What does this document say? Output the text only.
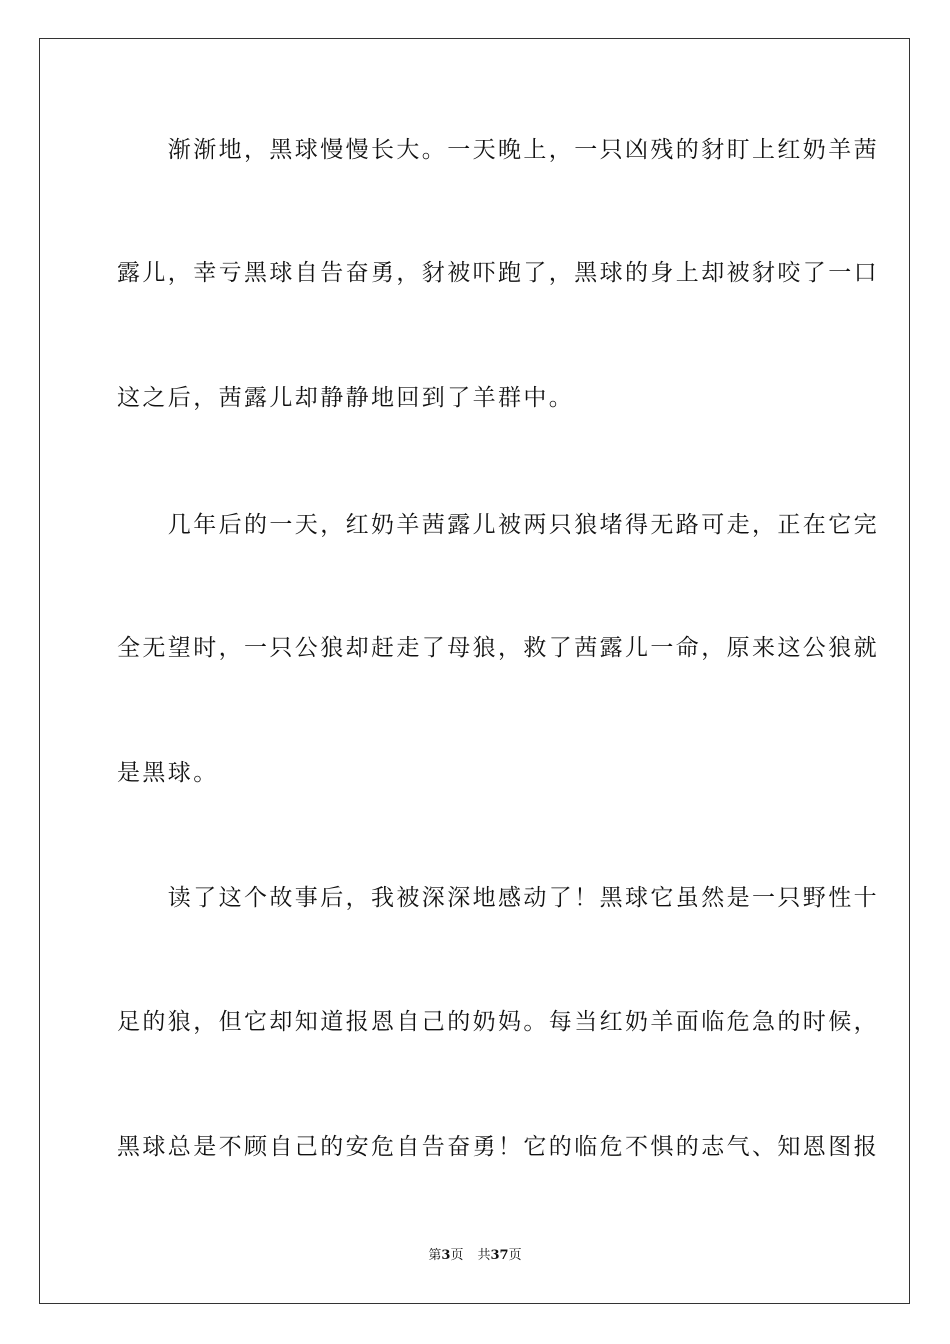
　　渐渐地，黑球慢慢长大。一天晚上，一只凶残的豺盯上红奶羊茜
露儿，幸亏黑球自告奋勇，豺被吓跑了，黑球的身上却被豺咬了一口
这之后，茜露儿却静静地回到了羊群中。
　　几年后的一天，红奶羊茜露儿被两只狼堵得无路可走，正在它完
全无望时，一只公狼却赶走了母狼，救了茜露儿一命，原来这公狼就
是黑球。
　　读了这个故事后，我被深深地感动了！黑球它虽然是一只野性十
足的狼，但它却知道报恩自己的奶妈。每当红奶羊面临危急的时候，
黑球总是不顾自己的安危自告奋勇！它的临危不惧的志气、知恩图报
第3页 共37页
